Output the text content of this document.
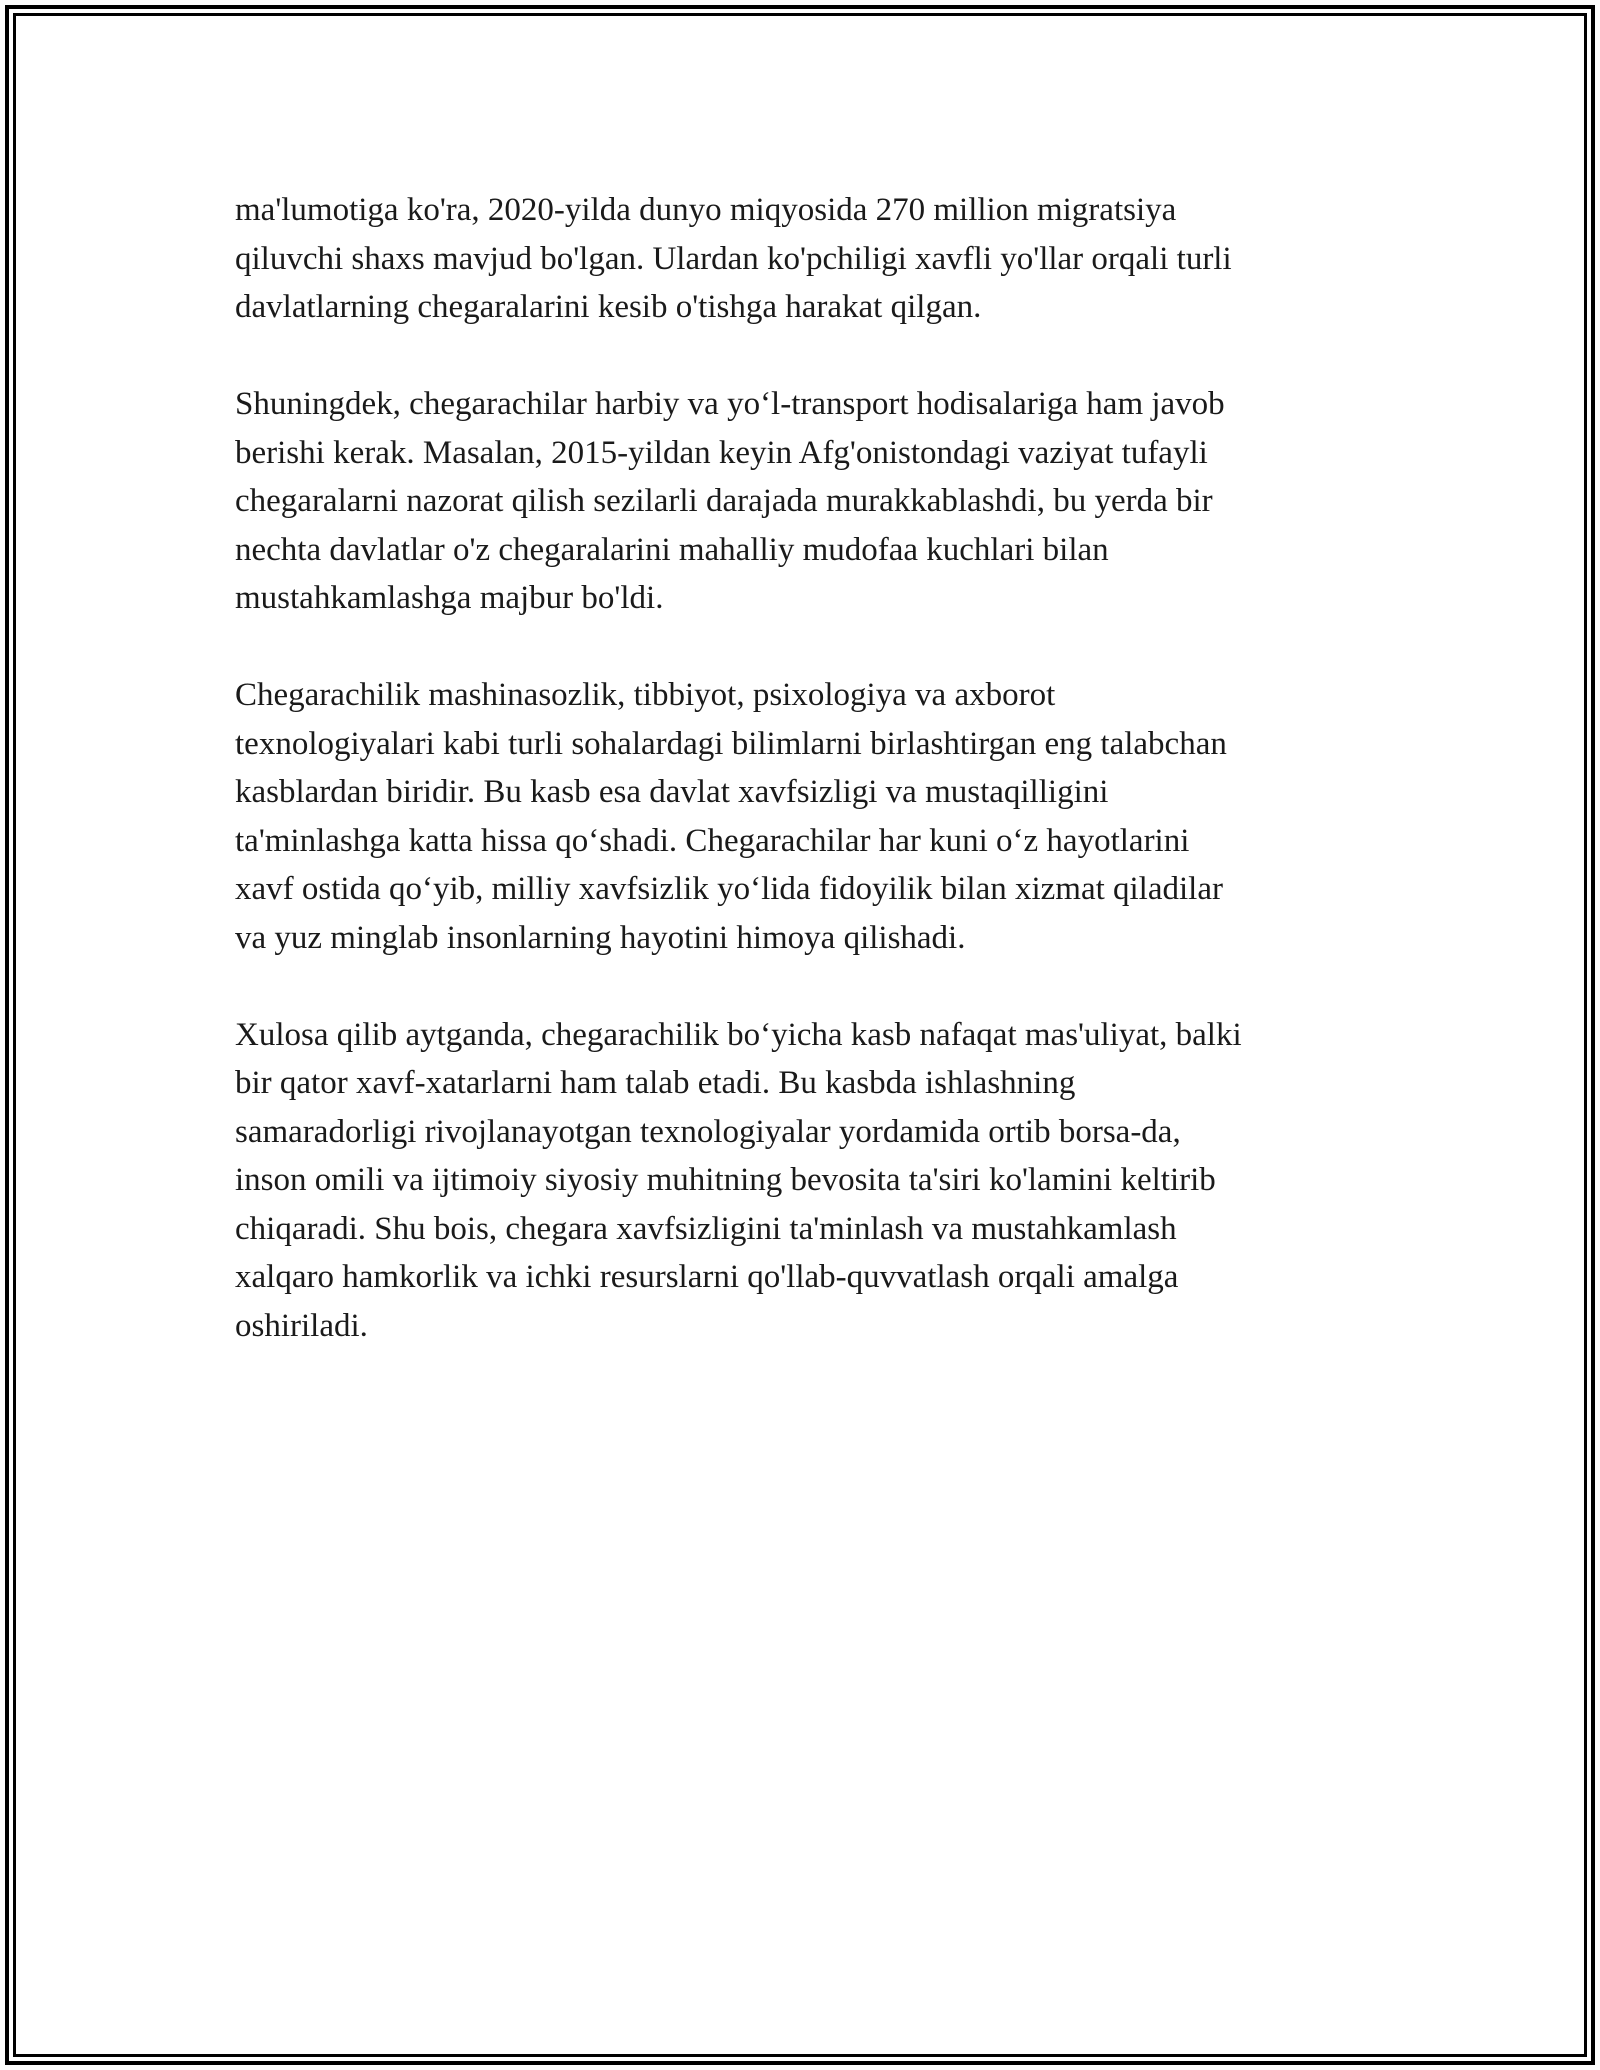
ma'lumotiga ko'ra, 2020-yilda dunyo miqyosida 270 million migratsiya
qiluvchi shaxs mavjud bo'lgan. Ulardan ko'pchiligi xavfli yo'llar orqali turli
davlatlarning chegaralarini kesib o'tishga harakat qilgan.

Shuningdek, chegarachilar harbiy va yo‘l-transport hodisalariga ham javob
berishi kerak. Masalan, 2015-yildan keyin Afg'onistondagi vaziyat tufayli
chegaralarni nazorat qilish sezilarli darajada murakkablashdi, bu yerda bir
nechta davlatlar o'z chegaralarini mahalliy mudofaa kuchlari bilan
mustahkamlashga majbur bo'ldi.

Chegarachilik mashinasozlik, tibbiyot, psixologiya va axborot
texnologiyalari kabi turli sohalardagi bilimlarni birlashtirgan eng talabchan
kasblardan biridir. Bu kasb esa davlat xavfsizligi va mustaqilligini
ta'minlashga katta hissa qo‘shadi. Chegarachilar har kuni o‘z hayotlarini
xavf ostida qo‘yib, milliy xavfsizlik yo‘lida fidoyilik bilan xizmat qiladilar
va yuz minglab insonlarning hayotini himoya qilishadi.

Xulosa qilib aytganda, chegarachilik bo‘yicha kasb nafaqat mas'uliyat, balki
bir qator xavf-xatarlarni ham talab etadi. Bu kasbda ishlashning
samaradorligi rivojlanayotgan texnologiyalar yordamida ortib borsa-da,
inson omili va ijtimoiy siyosiy muhitning bevosita ta'siri ko'lamini keltirib
chiqaradi. Shu bois, chegara xavfsizligini ta'minlash va mustahkamlash
xalqaro hamkorlik va ichki resurslarni qo'llab-quvvatlash orqali amalga
oshiriladi.
